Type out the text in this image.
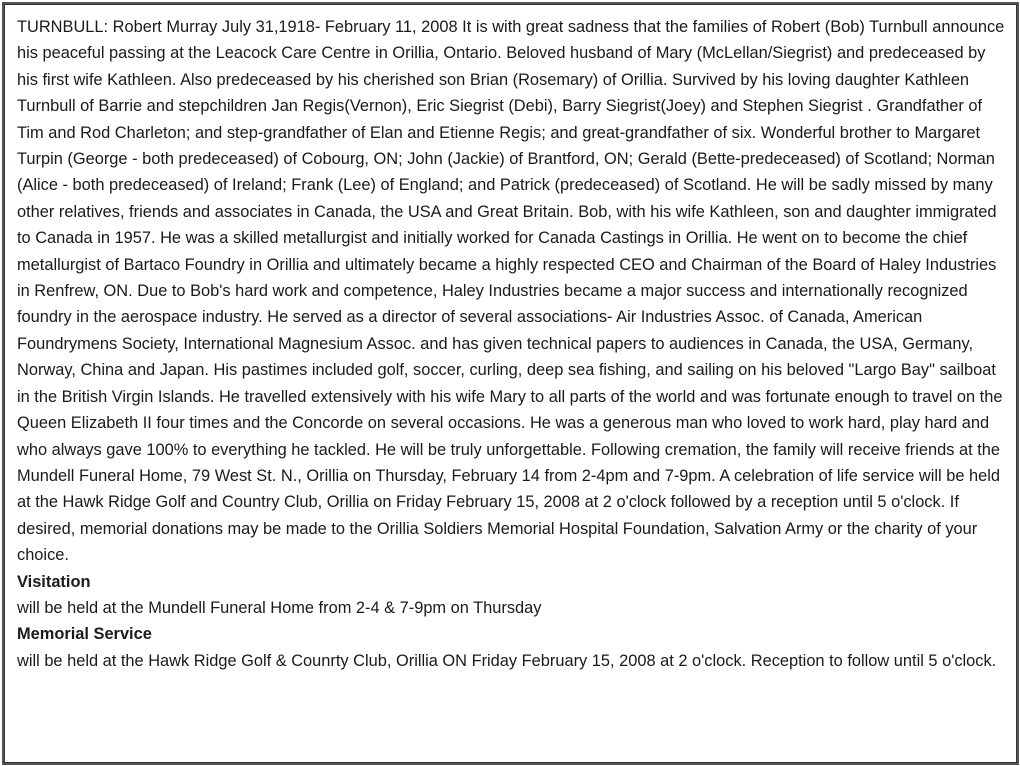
TURNBULL: Robert Murray July 31,1918- February 11, 2008 It is with great sadness that the families of Robert (Bob) Turnbull announce his peaceful passing at the Leacock Care Centre in Orillia, Ontario. Beloved husband of Mary (McLellan/Siegrist) and predeceased by his first wife Kathleen. Also predeceased by his cherished son Brian (Rosemary) of Orillia. Survived by his loving daughter Kathleen Turnbull of Barrie and stepchildren Jan Regis(Vernon), Eric Siegrist (Debi), Barry Siegrist(Joey) and Stephen Siegrist . Grandfather of Tim and Rod Charleton; and step-grandfather of Elan and Etienne Regis; and great-grandfather of six. Wonderful brother to Margaret Turpin (George - both predeceased) of Cobourg, ON; John (Jackie) of Brantford, ON; Gerald (Bette-predeceased) of Scotland; Norman (Alice - both predeceased) of Ireland; Frank (Lee) of England; and Patrick (predeceased) of Scotland. He will be sadly missed by many other relatives, friends and associates in Canada, the USA and Great Britain. Bob, with his wife Kathleen, son and daughter immigrated to Canada in 1957. He was a skilled metallurgist and initially worked for Canada Castings in Orillia. He went on to become the chief metallurgist of Bartaco Foundry in Orillia and ultimately became a highly respected CEO and Chairman of the Board of Haley Industries in Renfrew, ON. Due to Bob's hard work and competence, Haley Industries became a major success and internationally recognized foundry in the aerospace industry. He served as a director of several associations- Air Industries Assoc. of Canada, American Foundrymens Society, International Magnesium Assoc. and has given technical papers to audiences in Canada, the USA, Germany, Norway, China and Japan. His pastimes included golf, soccer, curling, deep sea fishing, and sailing on his beloved "Largo Bay" sailboat in the British Virgin Islands. He travelled extensively with his wife Mary to all parts of the world and was fortunate enough to travel on the Queen Elizabeth II four times and the Concorde on several occasions. He was a generous man who loved to work hard, play hard and who always gave 100% to everything he tackled. He will be truly unforgettable. Following cremation, the family will receive friends at the Mundell Funeral Home, 79 West St. N., Orillia on Thursday, February 14 from 2-4pm and 7-9pm. A celebration of life service will be held at the Hawk Ridge Golf and Country Club, Orillia on Friday February 15, 2008 at 2 o'clock followed by a reception until 5 o'clock. If desired, memorial donations may be made to the Orillia Soldiers Memorial Hospital Foundation, Salvation Army or the charity of your choice.

Visitation

will be held at the Mundell Funeral Home from 2-4 & 7-9pm on Thursday

Memorial Service

will be held at the Hawk Ridge Golf & Counrty Club, Orillia ON Friday February 15, 2008 at 2 o'clock. Reception to follow until 5 o'clock.
